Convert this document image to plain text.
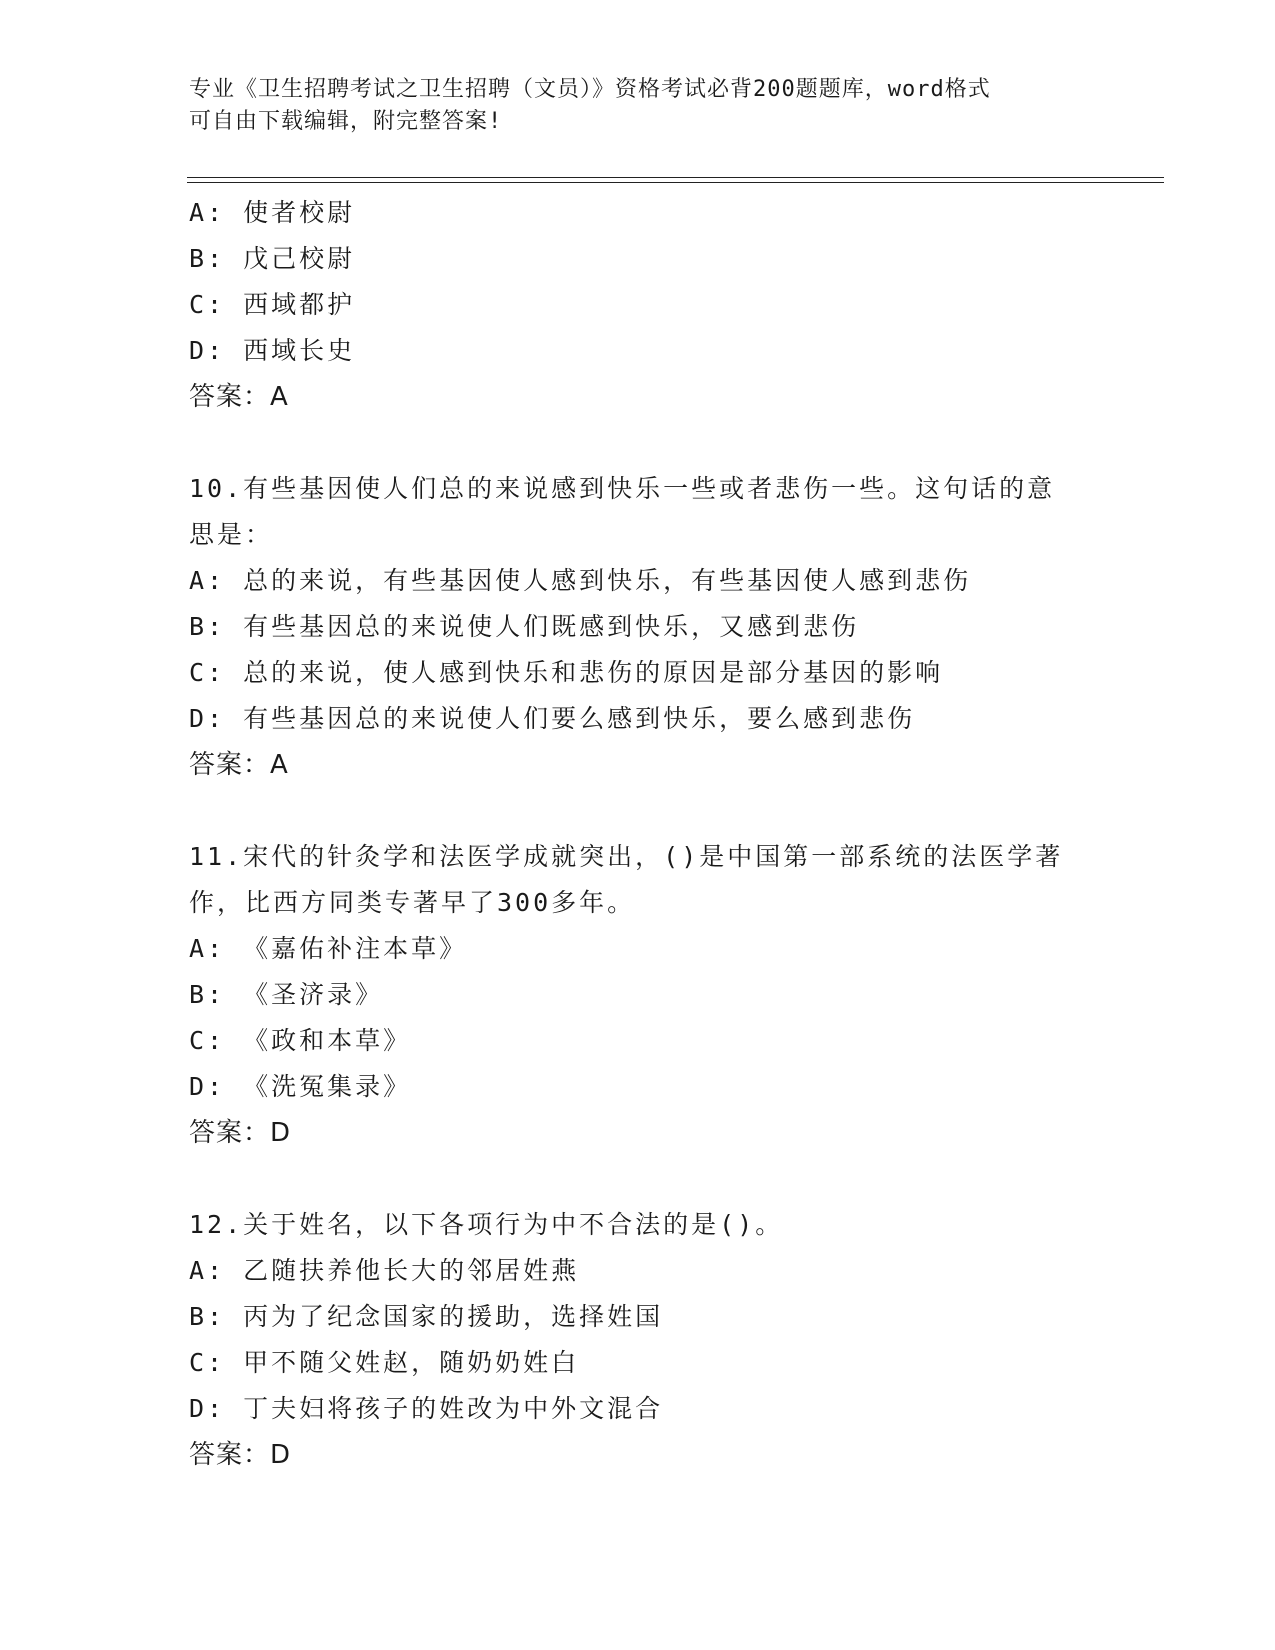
专业《卫生招聘考试之卫生招聘（文员）》资格考试必背200题题库，word格式
可自由下载编辑，附完整答案!
A: 使者校尉
B: 戊己校尉
C: 西域都护
D: 西域长史
答案：A
10.有些基因使人们总的来说感到快乐一些或者悲伤一些。这句话的意
思是：
A: 总的来说，有些基因使人感到快乐，有些基因使人感到悲伤
B: 有些基因总的来说使人们既感到快乐，又感到悲伤
C: 总的来说，使人感到快乐和悲伤的原因是部分基因的影响
D: 有些基因总的来说使人们要么感到快乐，要么感到悲伤
答案：A
11.宋代的针灸学和法医学成就突出，()是中国第一部系统的法医学著
作，比西方同类专著早了300多年。
A: 《嘉佑补注本草》
B: 《圣济录》
C: 《政和本草》
D: 《洗冤集录》
答案：D
12.关于姓名，以下各项行为中不合法的是()。
A: 乙随扶养他长大的邻居姓燕
B: 丙为了纪念国家的援助，选择姓国
C: 甲不随父姓赵，随奶奶姓白
D: 丁夫妇将孩子的姓改为中外文混合
答案：D
